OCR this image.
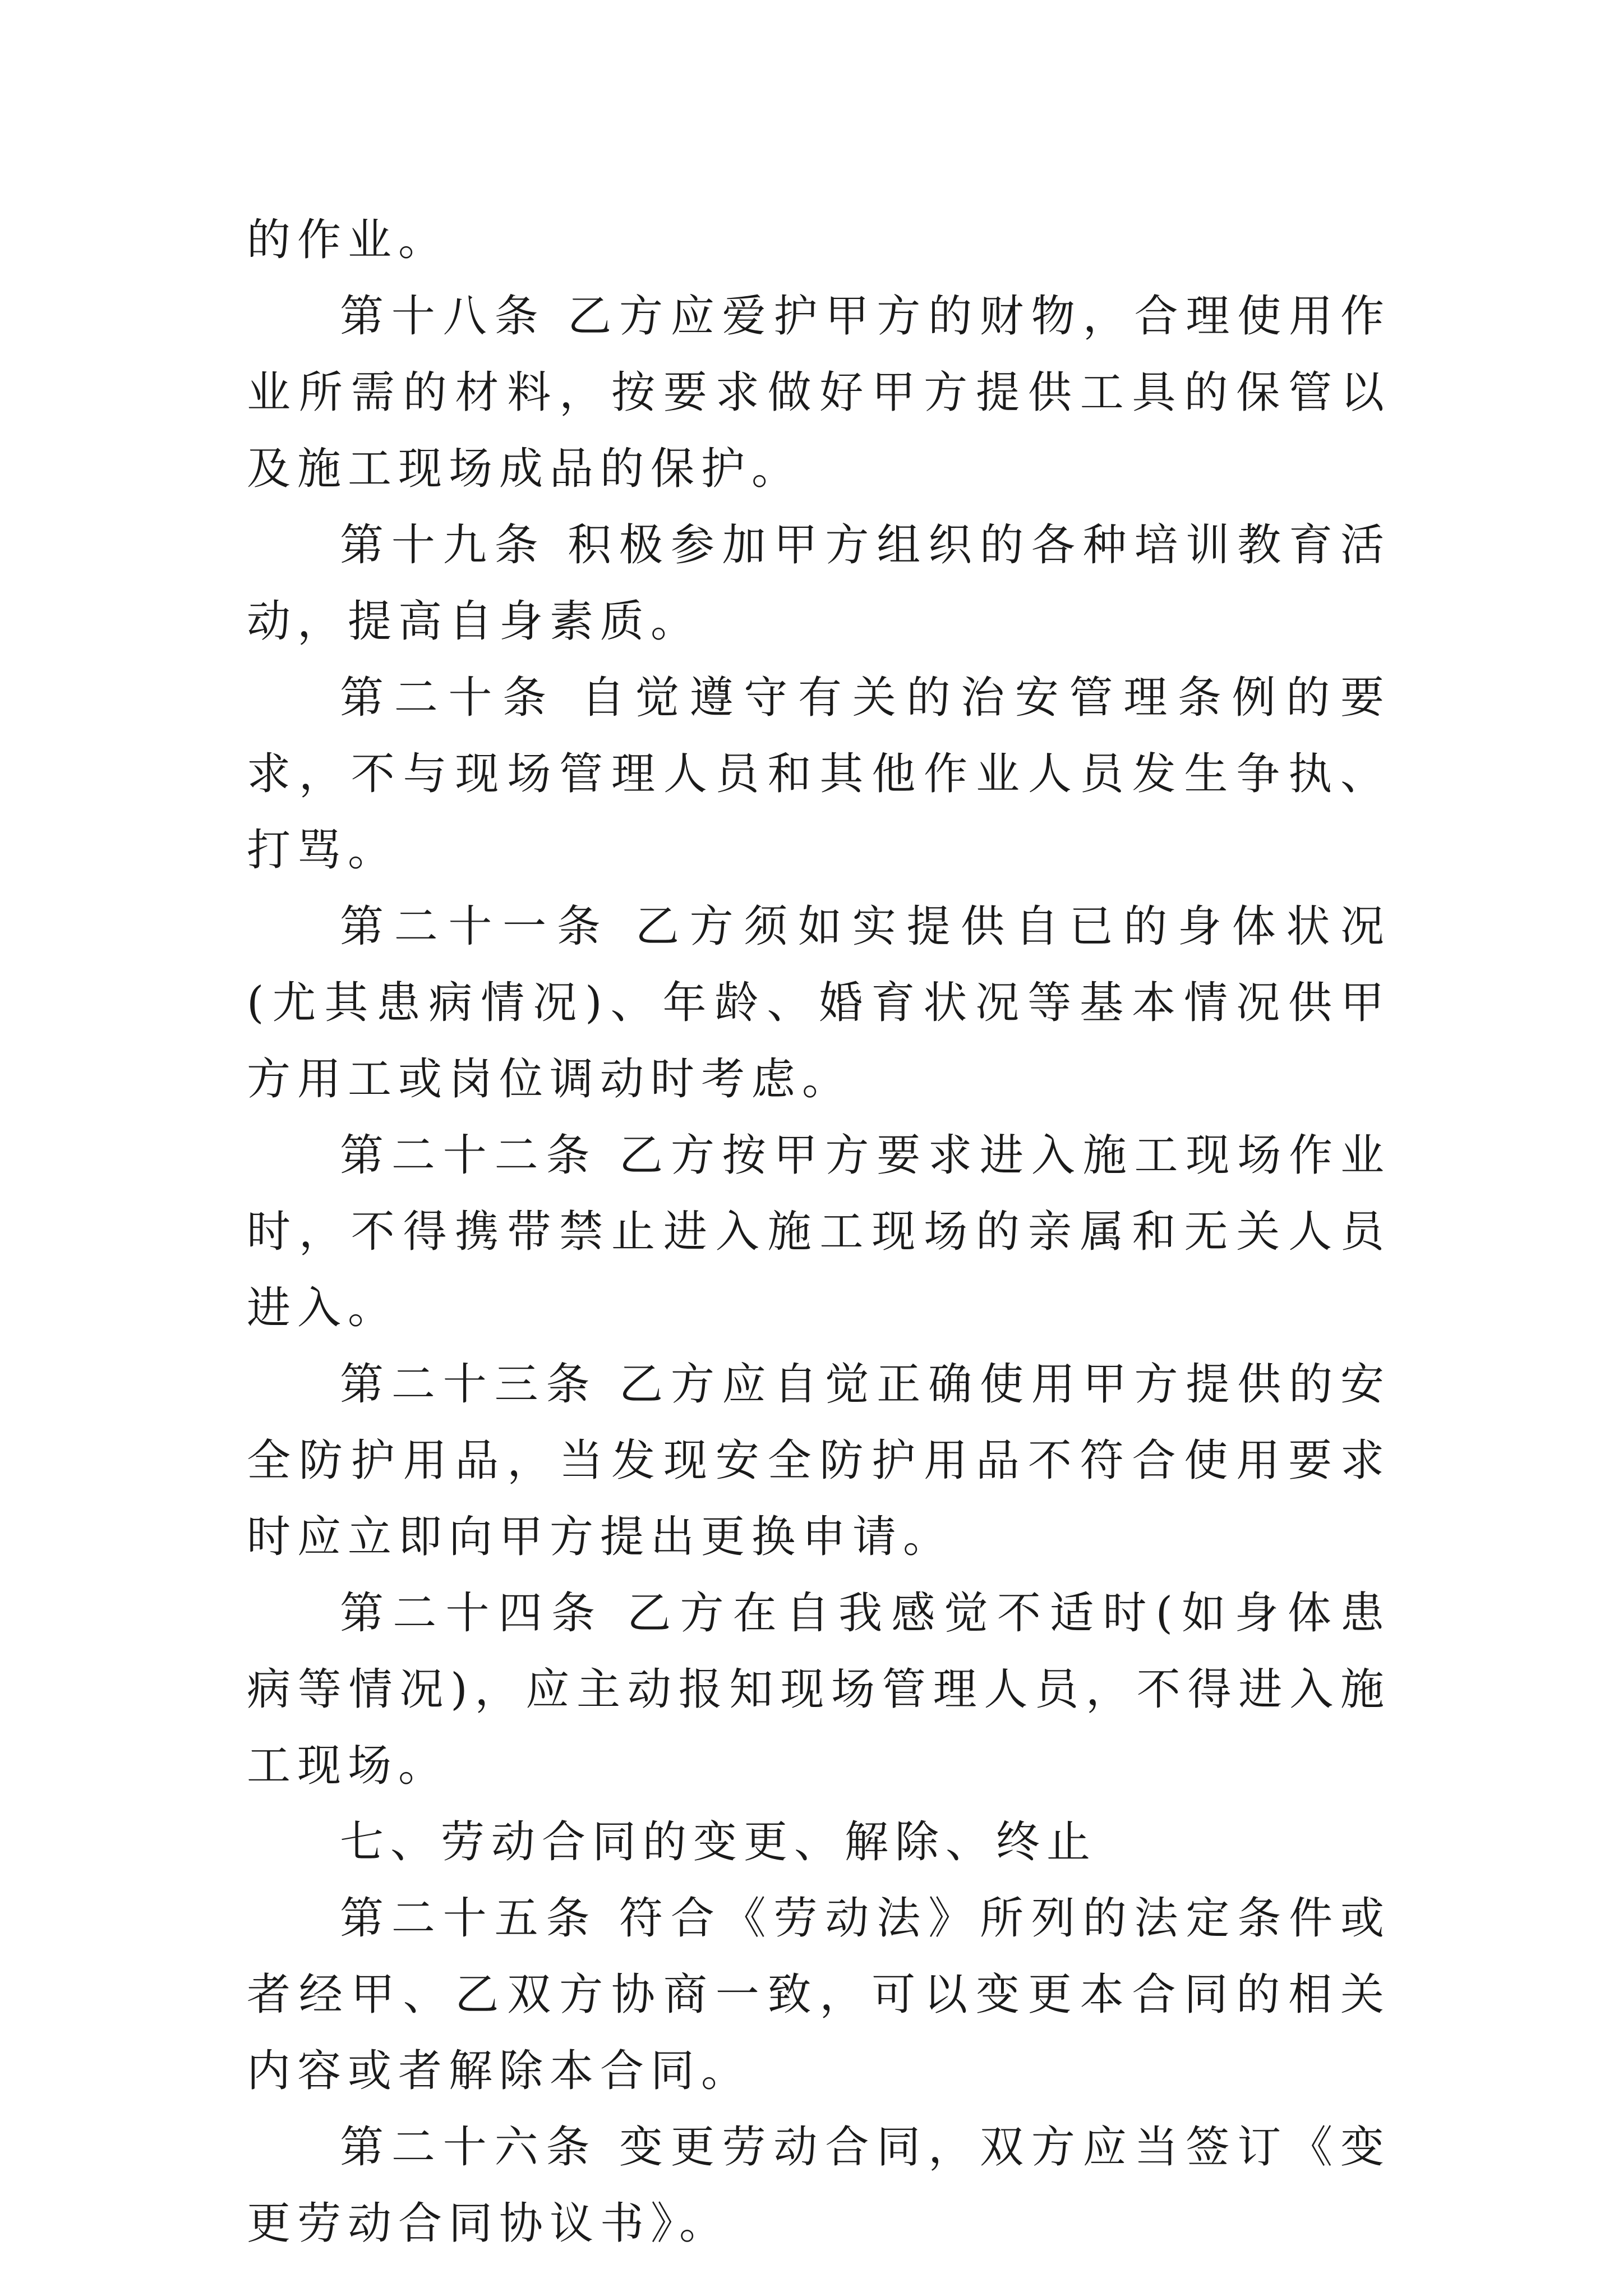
的作业。

第十八条 乙方应爱护甲方的财物，合理使用作业所需的材料，按要求做好甲方提供工具的保管以及施工现场成品的保护。

第十九条 积极参加甲方组织的各种培训教育活动，提高自身素质。

第二十条 自觉遵守有关的治安管理条例的要求，不与现场管理人员和其他作业人员发生争执、打骂。

第二十一条 乙方须如实提供自已的身体状况(尤其患病情况)、年龄、婚育状况等基本情况供甲方用工或岗位调动时考虑。

第二十二条 乙方按甲方要求进入施工现场作业时，不得携带禁止进入施工现场的亲属和无关人员进入。

第二十三条 乙方应自觉正确使用甲方提供的安全防护用品，当发现安全防护用品不符合使用要求时应立即向甲方提出更换申请。

第二十四条 乙方在自我感觉不适时(如身体患病等情况)，应主动报知现场管理人员，不得进入施工现场。

七、劳动合同的变更、解除、终止

第二十五条 符合《劳动法》所列的法定条件或者经甲、乙双方协商一致，可以变更本合同的相关内容或者解除本合同。

第二十六条 变更劳动合同，双方应当签订《变更劳动合同协议书》。
